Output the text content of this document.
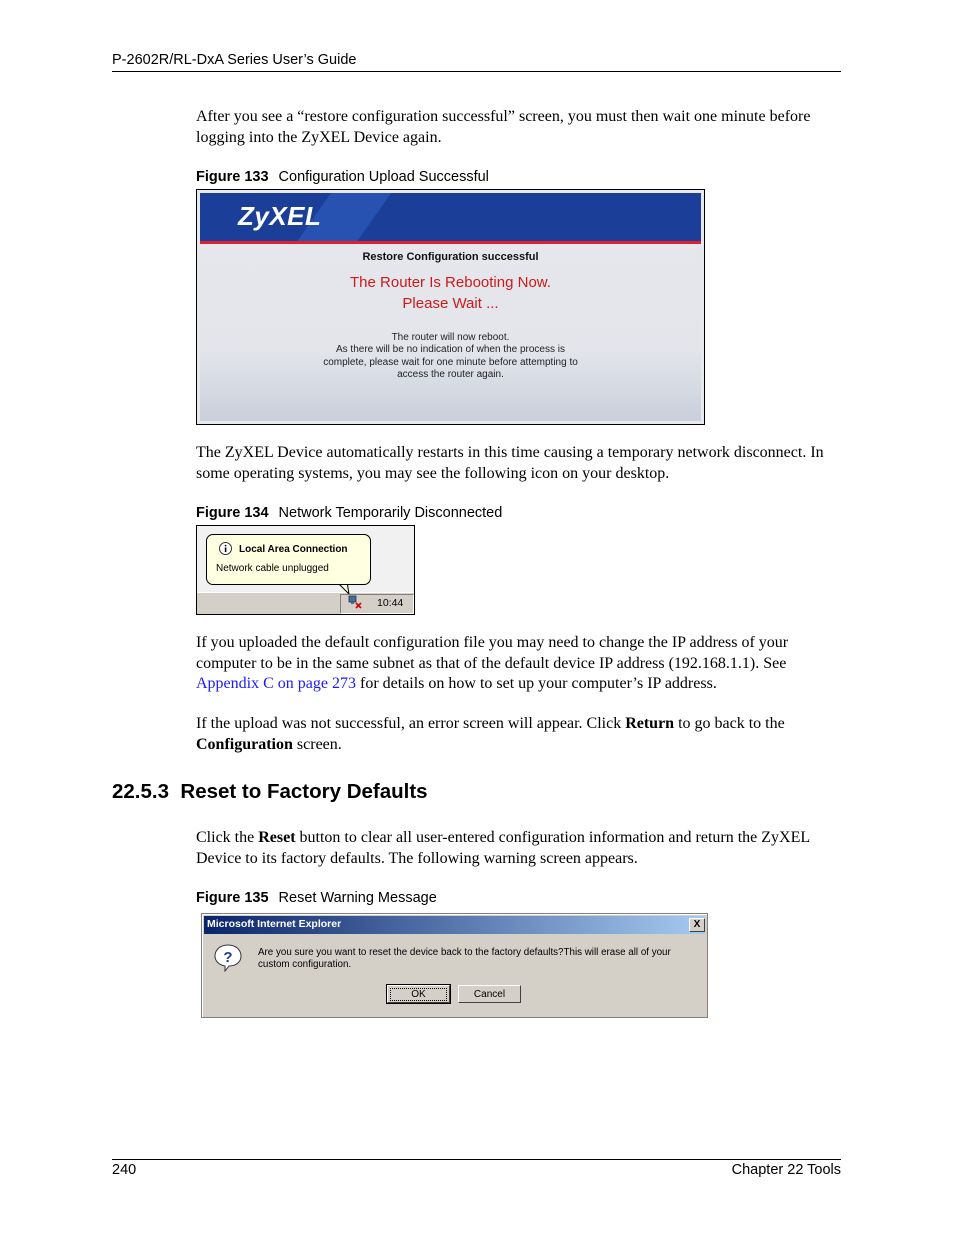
P-2602R/RL-DxA Series User’s Guide

After you see a “restore configuration successful” screen, you must then wait one minute before logging into the ZyXEL Device again.

Figure 133 Configuration Upload Successful
ZyXEL
Restore Configuration successful
The Router Is Rebooting Now.
Please Wait ...
The router will now reboot.
As there will be no indication of when the process is
complete, please wait for one minute before attempting to
access the router again.

The ZyXEL Device automatically restarts in this time causing a temporary network disconnect. In some operating systems, you may see the following icon on your desktop.

Figure 134 Network Temporarily Disconnected
10:44
Local Area Connection
Network cable unplugged

If you uploaded the default configuration file you may need to change the IP address of your computer to be in the same subnet as that of the default device IP address (192.168.1.1). See Appendix C on page 273 for details on how to set up your computer’s IP address.

If the upload was not successful, an error screen will appear. Click Return to go back to the Configuration screen.

22.5.3  Reset to Factory Defaults

Click the Reset button to clear all user-entered configuration information and return the ZyXEL Device to its factory defaults. The following warning screen appears.

Figure 135 Reset Warning Message
Microsoft Internet Explorer	X
?	Are you sure you want to reset the device back to the factory defaults?This will erase all of your custom configuration.
OK	Cancel
240	Chapter 22 Tools
